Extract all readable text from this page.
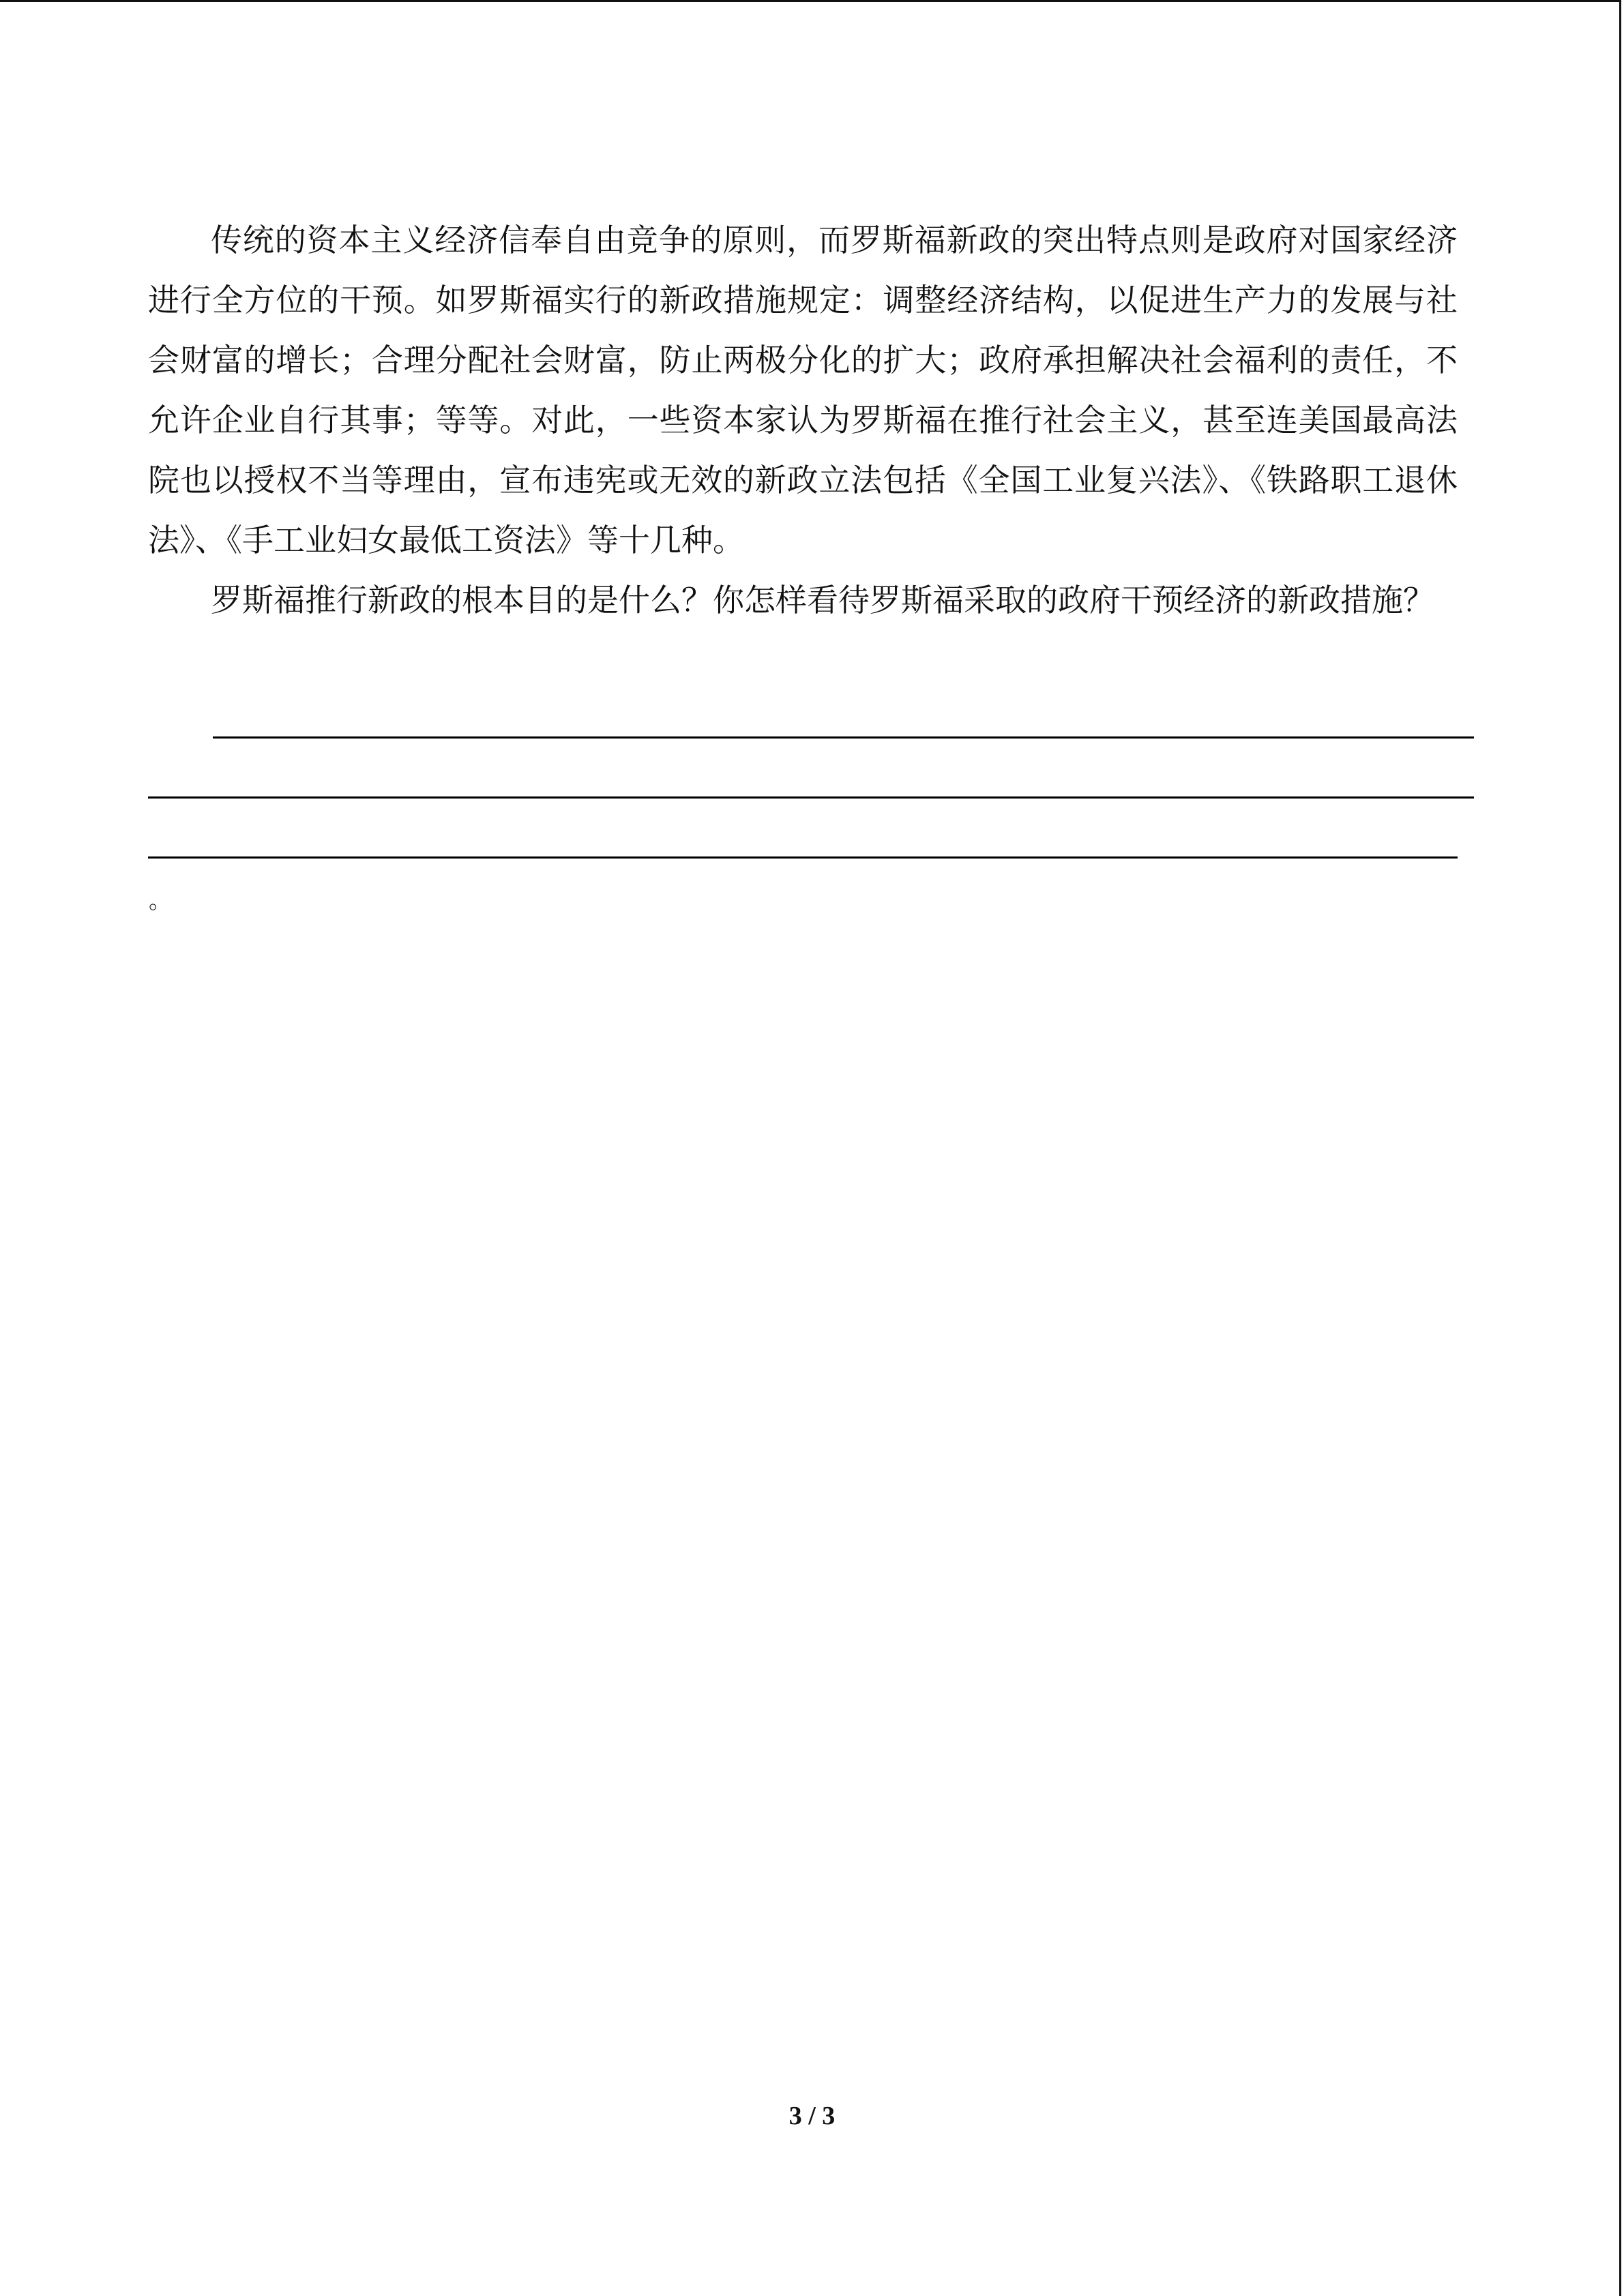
传统的资本主义经济信奉自由竞争的原则，而罗斯福新政的突出特点则是政府对国家经济进行全方位的干预。如罗斯福实行的新政措施规定：调整经济结构，以促进生产力的发展与社会财富的增长；合理分配社会财富，防止两极分化的扩大；政府承担解决社会福利的责任，不允许企业自行其事；等等。对此，一些资本家认为罗斯福在推行社会主义，甚至连美国最高法院也以授权不当等理由，宣布违宪或无效的新政立法包括《全国工业复兴法》、《铁路职工退休法》、《手工业妇女最低工资法》等十几种。

罗斯福推行新政的根本目的是什么？你怎样看待罗斯福采取的政府干预经济的新政措施？

。
3 / 3
